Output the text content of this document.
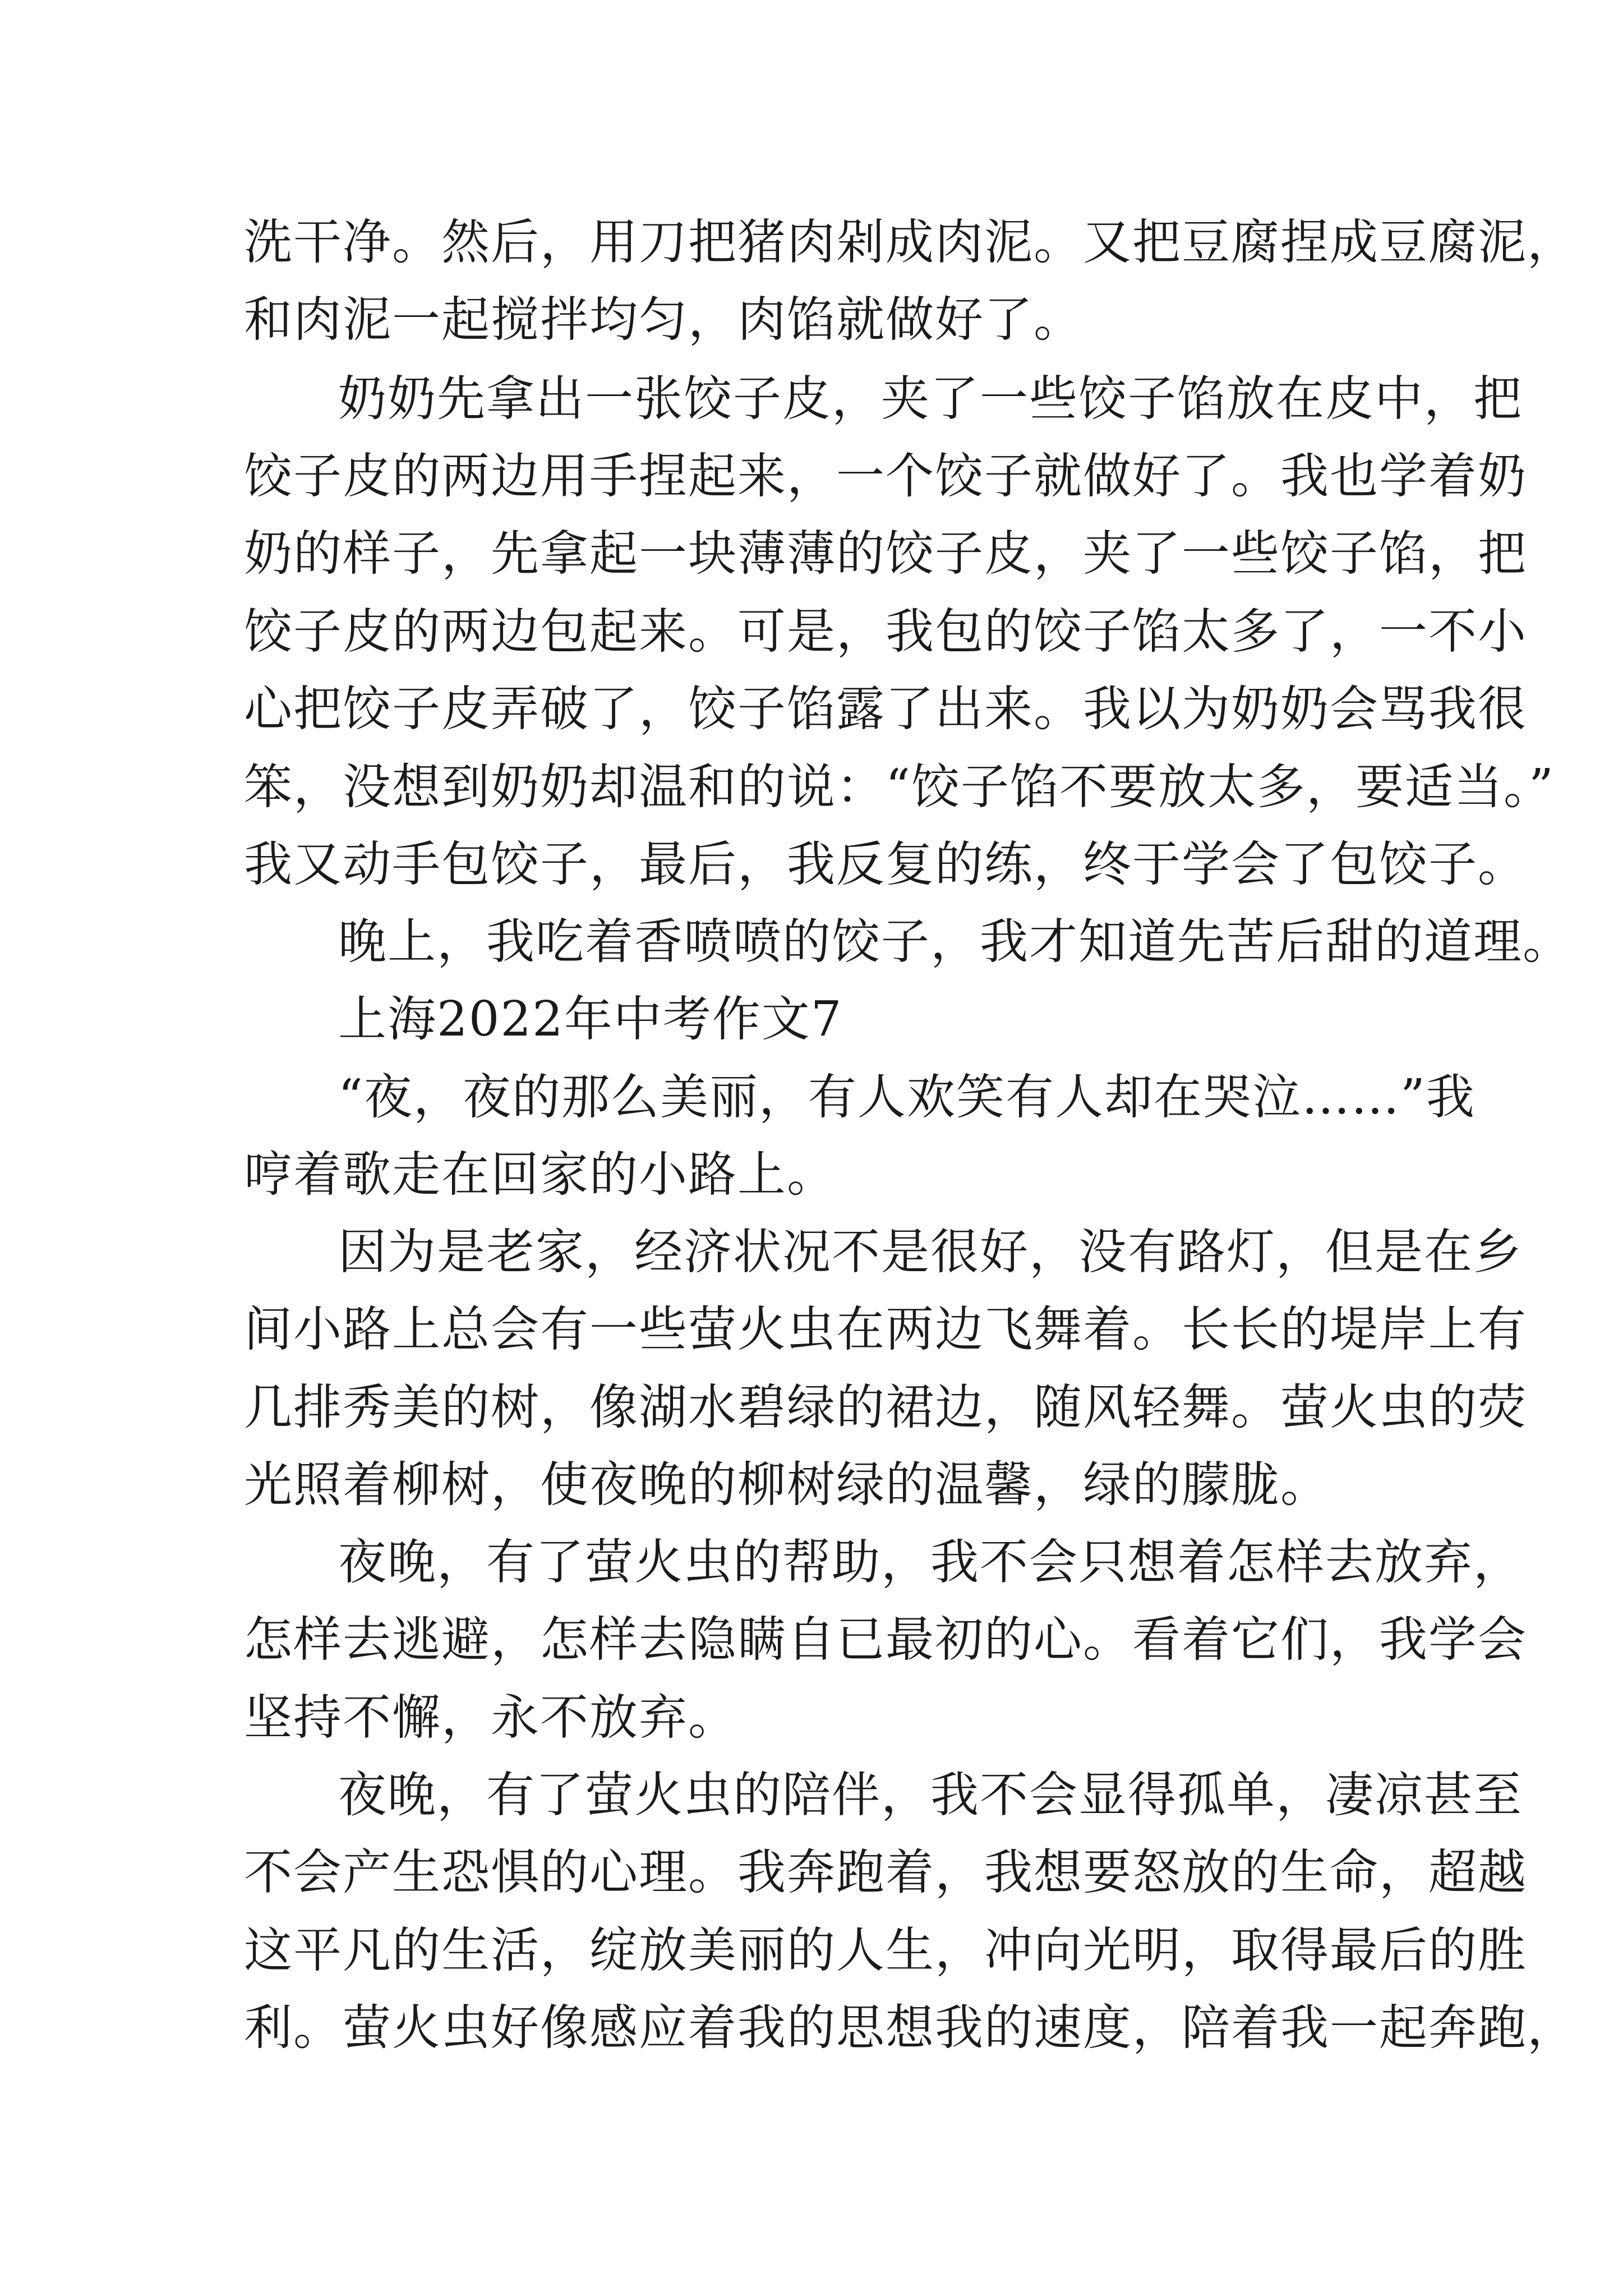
洗干净。然后，用刀把猪肉剁成肉泥。又把豆腐捏成豆腐泥，
和肉泥一起搅拌均匀，肉馅就做好了。
奶奶先拿出一张饺子皮，夹了一些饺子馅放在皮中，把
饺子皮的两边用手捏起来，一个饺子就做好了。我也学着奶
奶的样子，先拿起一块薄薄的饺子皮，夹了一些饺子馅，把
饺子皮的两边包起来。可是，我包的饺子馅太多了，一不小
心把饺子皮弄破了，饺子馅露了出来。我以为奶奶会骂我很
笨，没想到奶奶却温和的说：“饺子馅不要放太多，要适当。”
我又动手包饺子，最后，我反复的练，终于学会了包饺子。
晚上，我吃着香喷喷的饺子，我才知道先苦后甜的道理。
上海2022年中考作文7
“夜，夜的那么美丽，有人欢笑有人却在哭泣……”我
哼着歌走在回家的小路上。
因为是老家，经济状况不是很好，没有路灯，但是在乡
间小路上总会有一些萤火虫在两边飞舞着。长长的堤岸上有
几排秀美的树，像湖水碧绿的裙边，随风轻舞。萤火虫的荧
光照着柳树，使夜晚的柳树绿的温馨，绿的朦胧。
夜晚，有了萤火虫的帮助，我不会只想着怎样去放弃，
怎样去逃避，怎样去隐瞒自已最初的心。看着它们，我学会
坚持不懈，永不放弃。
夜晚，有了萤火虫的陪伴，我不会显得孤单，凄凉甚至
不会产生恐惧的心理。我奔跑着，我想要怒放的生命，超越
这平凡的生活，绽放美丽的人生，冲向光明，取得最后的胜
利。萤火虫好像感应着我的思想我的速度，陪着我一起奔跑，
